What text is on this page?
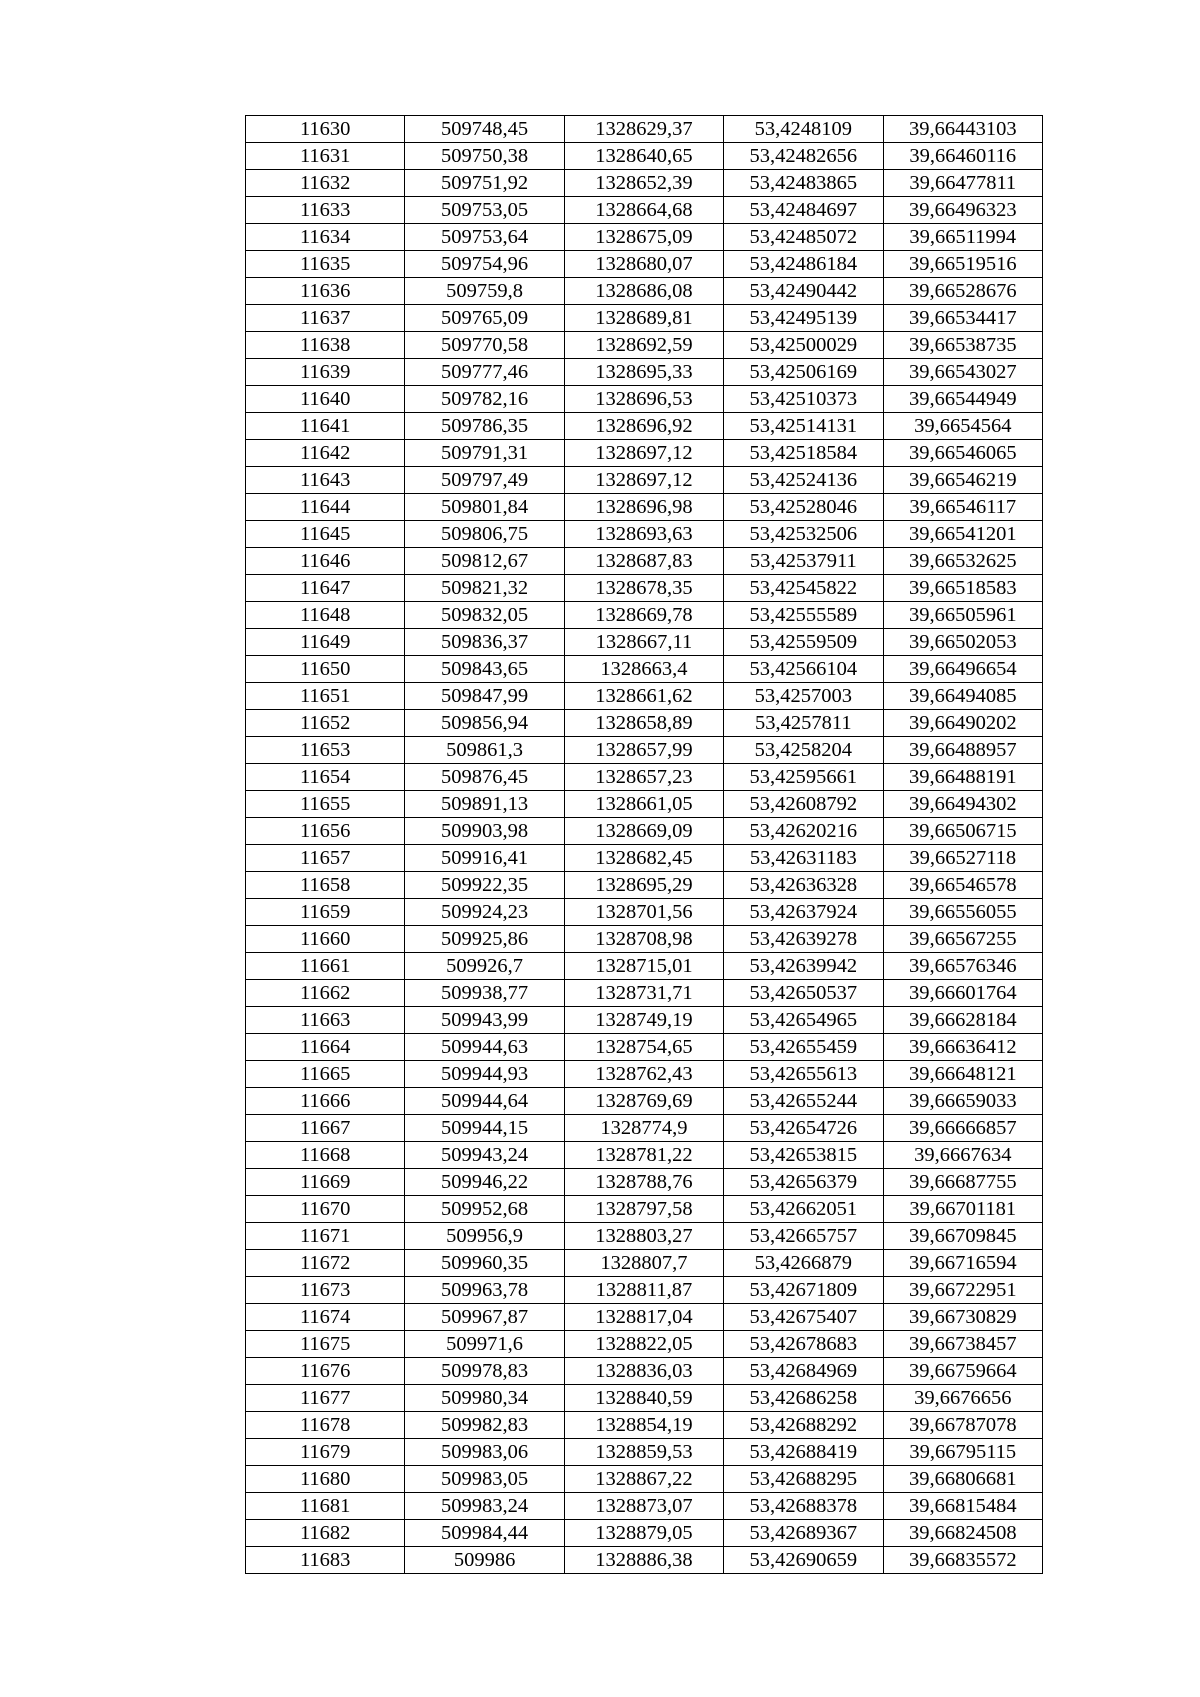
11630	509748,45	1328629,37	53,4248109	39,66443103
11631	509750,38	1328640,65	53,42482656	39,66460116
11632	509751,92	1328652,39	53,42483865	39,66477811
11633	509753,05	1328664,68	53,42484697	39,66496323
11634	509753,64	1328675,09	53,42485072	39,66511994
11635	509754,96	1328680,07	53,42486184	39,66519516
11636	509759,8	1328686,08	53,42490442	39,66528676
11637	509765,09	1328689,81	53,42495139	39,66534417
11638	509770,58	1328692,59	53,42500029	39,66538735
11639	509777,46	1328695,33	53,42506169	39,66543027
11640	509782,16	1328696,53	53,42510373	39,66544949
11641	509786,35	1328696,92	53,42514131	39,6654564
11642	509791,31	1328697,12	53,42518584	39,66546065
11643	509797,49	1328697,12	53,42524136	39,66546219
11644	509801,84	1328696,98	53,42528046	39,66546117
11645	509806,75	1328693,63	53,42532506	39,66541201
11646	509812,67	1328687,83	53,42537911	39,66532625
11647	509821,32	1328678,35	53,42545822	39,66518583
11648	509832,05	1328669,78	53,42555589	39,66505961
11649	509836,37	1328667,11	53,42559509	39,66502053
11650	509843,65	1328663,4	53,42566104	39,66496654
11651	509847,99	1328661,62	53,4257003	39,66494085
11652	509856,94	1328658,89	53,4257811	39,66490202
11653	509861,3	1328657,99	53,4258204	39,66488957
11654	509876,45	1328657,23	53,42595661	39,66488191
11655	509891,13	1328661,05	53,42608792	39,66494302
11656	509903,98	1328669,09	53,42620216	39,66506715
11657	509916,41	1328682,45	53,42631183	39,66527118
11658	509922,35	1328695,29	53,42636328	39,66546578
11659	509924,23	1328701,56	53,42637924	39,66556055
11660	509925,86	1328708,98	53,42639278	39,66567255
11661	509926,7	1328715,01	53,42639942	39,66576346
11662	509938,77	1328731,71	53,42650537	39,66601764
11663	509943,99	1328749,19	53,42654965	39,66628184
11664	509944,63	1328754,65	53,42655459	39,66636412
11665	509944,93	1328762,43	53,42655613	39,66648121
11666	509944,64	1328769,69	53,42655244	39,66659033
11667	509944,15	1328774,9	53,42654726	39,66666857
11668	509943,24	1328781,22	53,42653815	39,6667634
11669	509946,22	1328788,76	53,42656379	39,66687755
11670	509952,68	1328797,58	53,42662051	39,66701181
11671	509956,9	1328803,27	53,42665757	39,66709845
11672	509960,35	1328807,7	53,4266879	39,66716594
11673	509963,78	1328811,87	53,42671809	39,66722951
11674	509967,87	1328817,04	53,42675407	39,66730829
11675	509971,6	1328822,05	53,42678683	39,66738457
11676	509978,83	1328836,03	53,42684969	39,66759664
11677	509980,34	1328840,59	53,42686258	39,6676656
11678	509982,83	1328854,19	53,42688292	39,66787078
11679	509983,06	1328859,53	53,42688419	39,66795115
11680	509983,05	1328867,22	53,42688295	39,66806681
11681	509983,24	1328873,07	53,42688378	39,66815484
11682	509984,44	1328879,05	53,42689367	39,66824508
11683	509986	1328886,38	53,42690659	39,66835572
